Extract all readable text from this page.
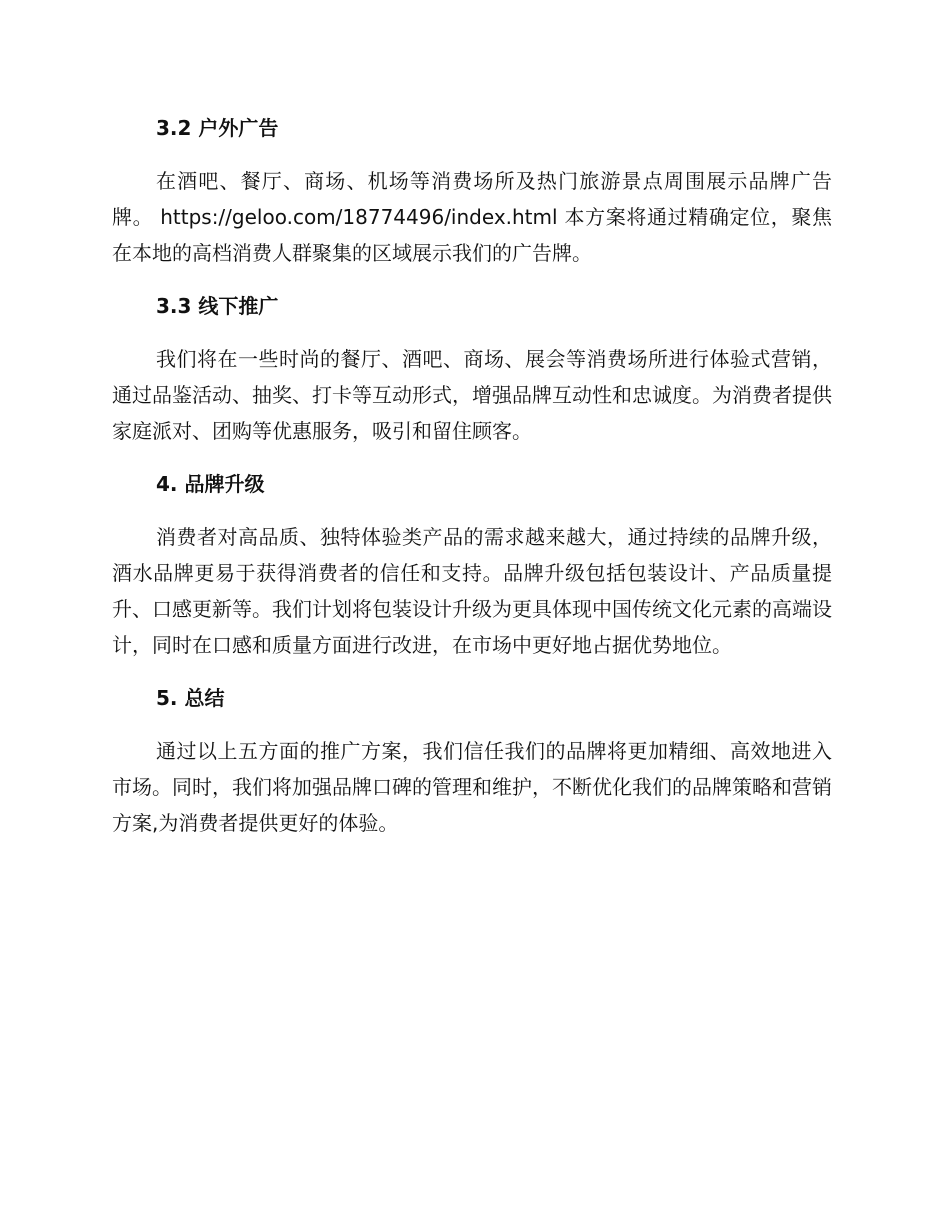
3.2 户外广告

在酒吧、餐厅、商场、机场等消费场所及热门旅游景点周围展示品牌广告牌。 https://geloo.com/18774496/index.html 本方案将通过精确定位，聚焦在本地的高档消费人群聚集的区域展示我们的广告牌。

3.3 线下推广

我们将在一些时尚的餐厅、酒吧、商场、展会等消费场所进行体验式营销，通过品鉴活动、抽奖、打卡等互动形式，增强品牌互动性和忠诚度。为消费者提供家庭派对、团购等优惠服务，吸引和留住顾客。

4. 品牌升级

消费者对高品质、独特体验类产品的需求越来越大，通过持续的品牌升级，酒水品牌更易于获得消费者的信任和支持。品牌升级包括包装设计、产品质量提升、口感更新等。我们计划将包装设计升级为更具体现中国传统文化元素的高端设计，同时在口感和质量方面进行改进，在市场中更好地占据优势地位。

5. 总结

通过以上五方面的推广方案，我们信任我们的品牌将更加精细、高效地进入市场。同时，我们将加强品牌口碑的管理和维护，不断优化我们的品牌策略和营销方案,为消费者提供更好的体验。
